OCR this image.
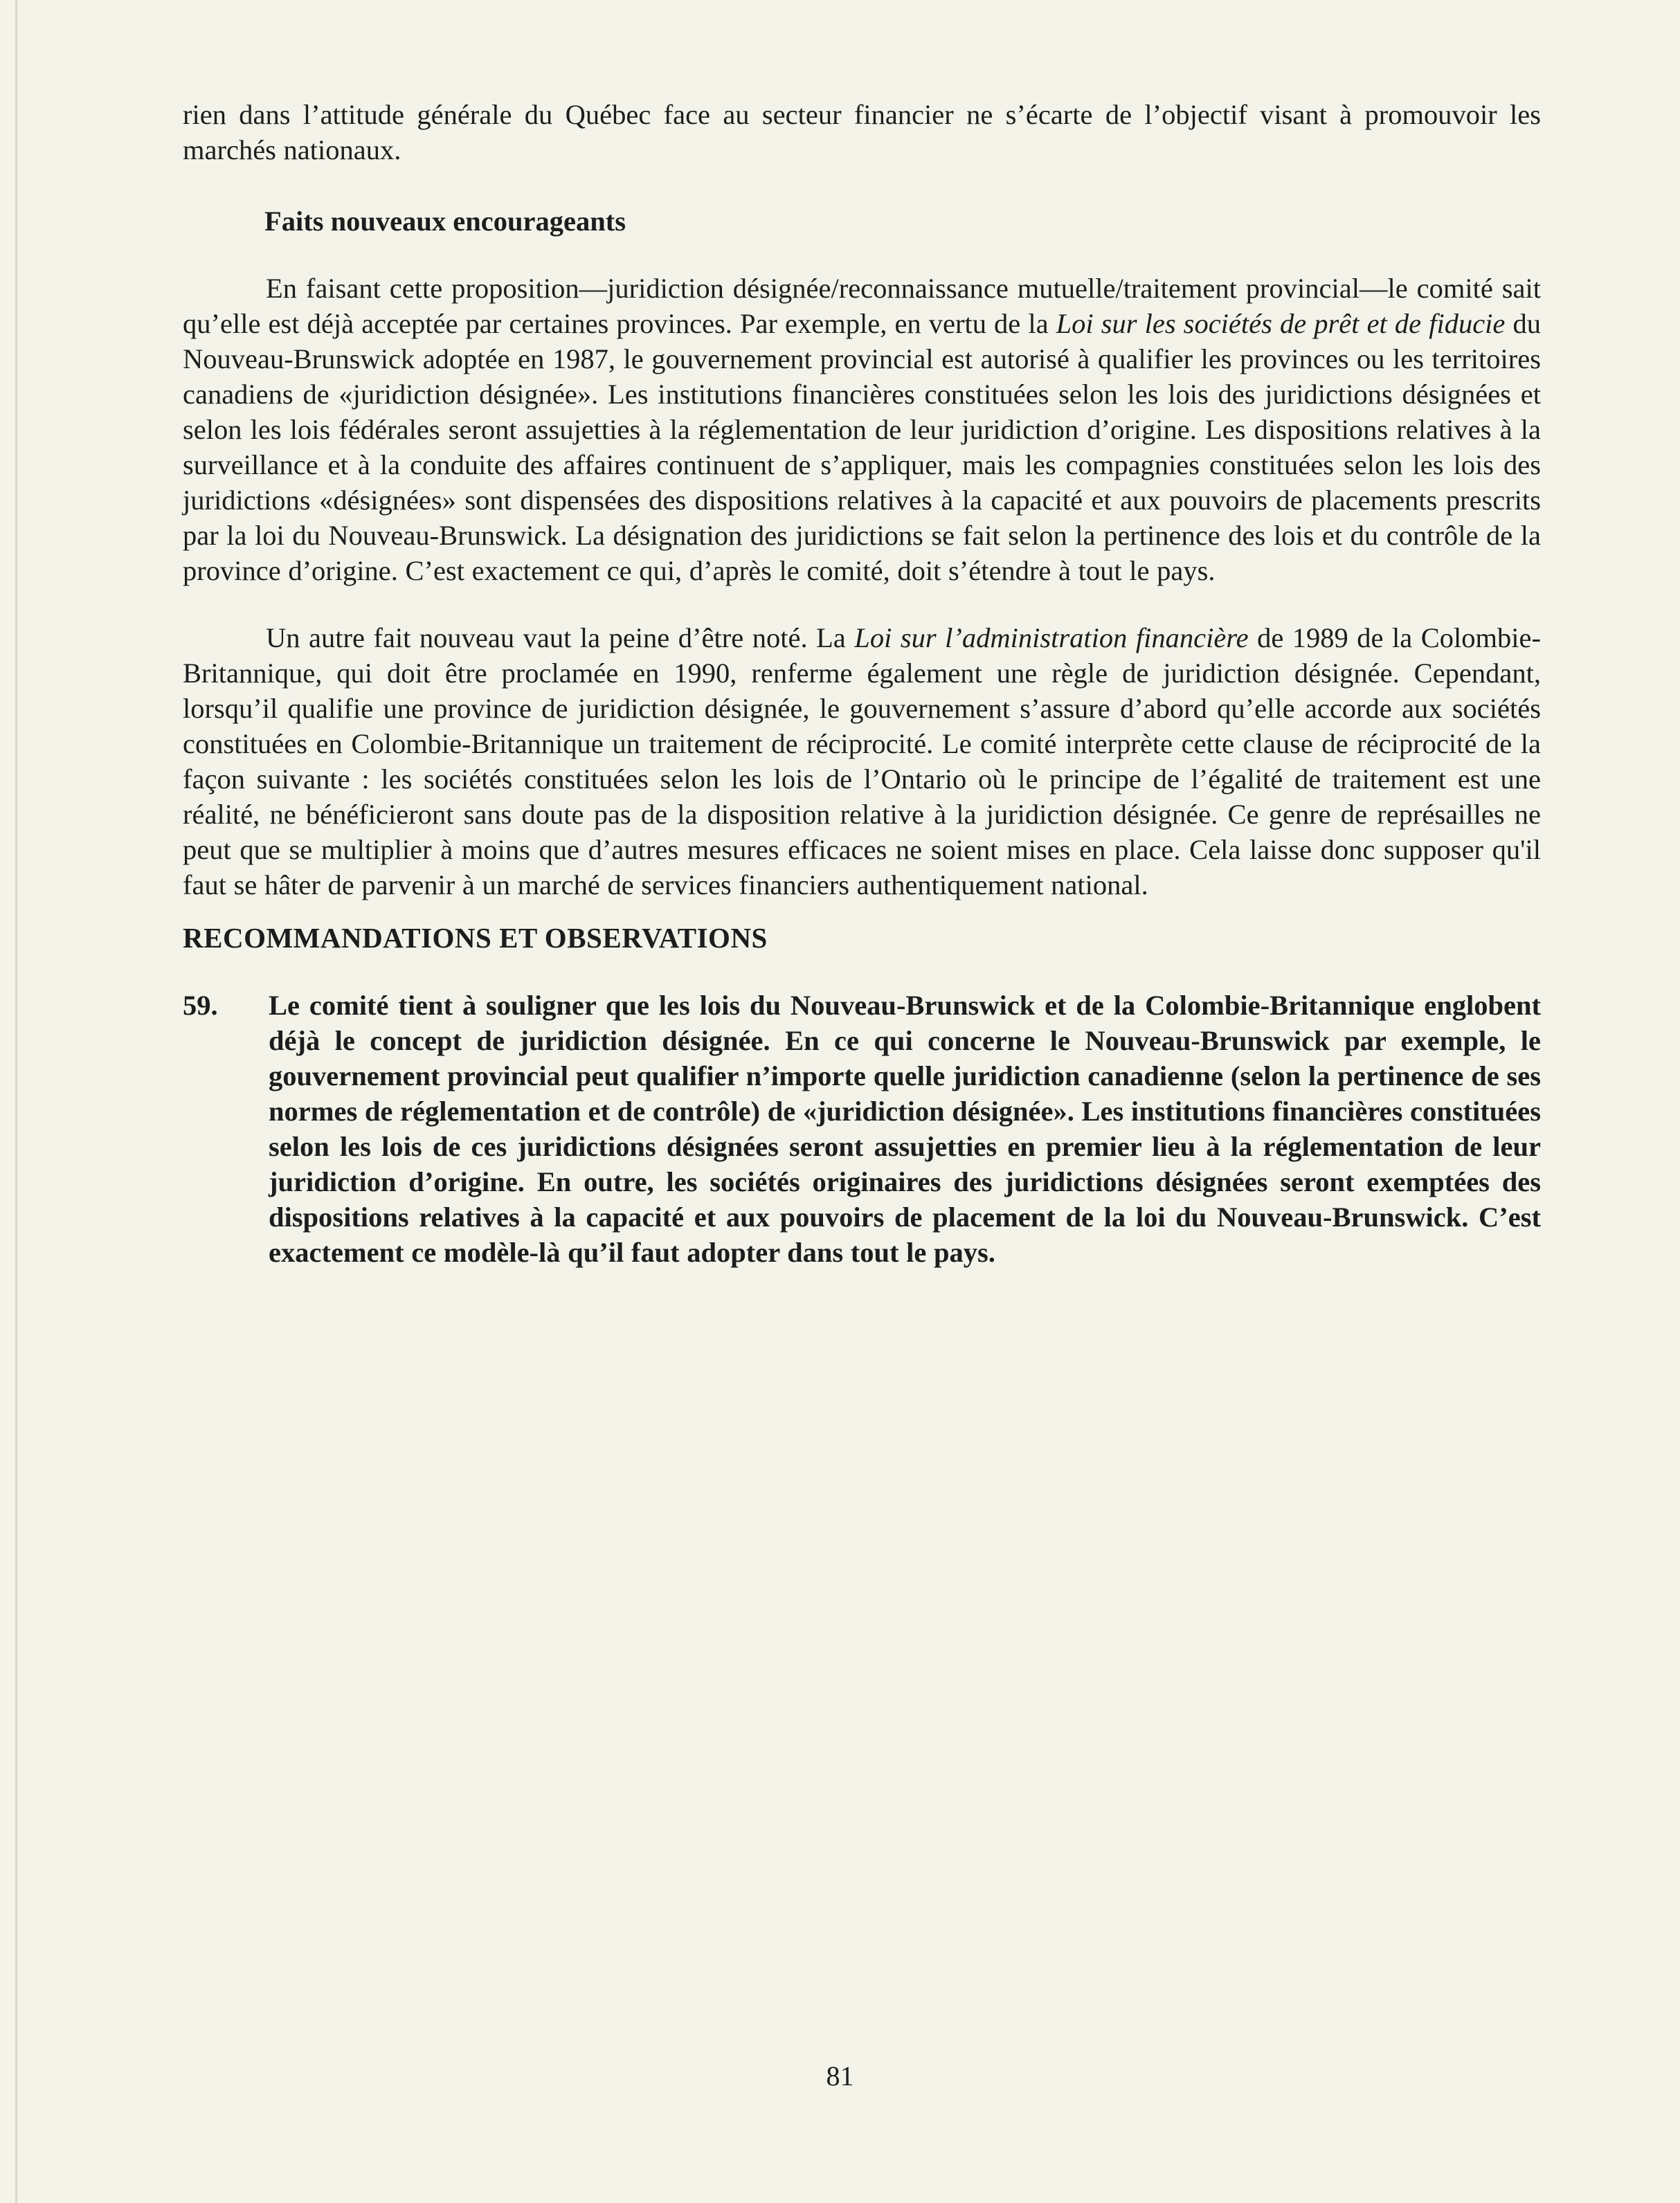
rien dans l’attitude générale du Québec face au secteur financier ne s’écarte de l’objectif visant à promouvoir les marchés nationaux.

Faits nouveaux encourageants

En faisant cette proposition—juridiction désignée/reconnaissance mutuelle/traitement provincial—le comité sait qu’elle est déjà acceptée par certaines provinces. Par exemple, en vertu de la Loi sur les sociétés de prêt et de fiducie du Nouveau-Brunswick adoptée en 1987, le gouvernement provincial est autorisé à qualifier les provinces ou les territoires canadiens de «juridiction désignée». Les institutions financières constituées selon les lois des juridictions désignées et selon les lois fédérales seront assujetties à la réglementation de leur juridiction d’origine. Les dispositions relatives à la surveillance et à la conduite des affaires continuent de s’appliquer, mais les compagnies constituées selon les lois des juridictions «désignées» sont dispensées des dispositions relatives à la capacité et aux pouvoirs de placements prescrits par la loi du Nouveau-Brunswick. La désignation des juridictions se fait selon la pertinence des lois et du contrôle de la province d’origine. C’est exactement ce qui, d’après le comité, doit s’étendre à tout le pays.

Un autre fait nouveau vaut la peine d’être noté. La Loi sur l’administration financière de 1989 de la Colombie-Britannique, qui doit être proclamée en 1990, renferme également une règle de juridiction désignée. Cependant, lorsqu’il qualifie une province de juridiction désignée, le gouvernement s’assure d’abord qu’elle accorde aux sociétés constituées en Colombie-Britannique un traitement de réciprocité. Le comité interprète cette clause de réciprocité de la façon suivante : les sociétés constituées selon les lois de l’Ontario où le principe de l’égalité de traitement est une réalité, ne bénéficieront sans doute pas de la disposition relative à la juridiction désignée. Ce genre de représailles ne peut que se multiplier à moins que d’autres mesures efficaces ne soient mises en place. Cela laisse donc supposer qu'il faut se hâter de parvenir à un marché de services financiers authentiquement national.

RECOMMANDATIONS ET OBSERVATIONS
59. Le comité tient à souligner que les lois du Nouveau-Brunswick et de la Colombie-Britannique englobent déjà le concept de juridiction désignée. En ce qui concerne le Nouveau-Brunswick par exemple, le gouvernement provincial peut qualifier n’importe quelle juridiction canadienne (selon la pertinence de ses normes de réglementation et de contrôle) de «juridiction désignée». Les institutions financières constituées selon les lois de ces juridictions désignées seront assujetties en premier lieu à la réglementation de leur juridiction d’origine. En outre, les sociétés originaires des juridictions désignées seront exemptées des dispositions relatives à la capacité et aux pouvoirs de placement de la loi du Nouveau-Brunswick. C’est exactement ce modèle-là qu’il faut adopter dans tout le pays.

81
